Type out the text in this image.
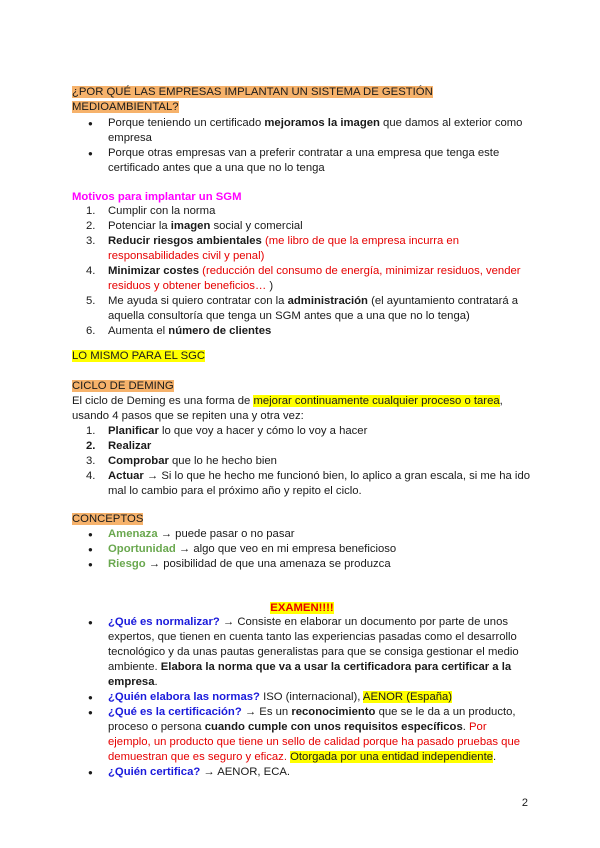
¿POR QUÉ LAS EMPRESAS IMPLANTAN UN SISTEMA DE GESTIÓN
MEDIOAMBIENTAL?
● Porque teniendo un certificado mejoramos la imagen que damos al exterior como empresa
● Porque otras empresas van a preferir contratar a una empresa que tenga este certificado antes que a una que no lo tenga
Motivos para implantar un SGM
1. Cumplir con la norma
2. Potenciar la imagen social y comercial
3. Reducir riesgos ambientales (me libro de que la empresa incurra en responsabilidades civil y penal)
4. Minimizar costes (reducción del consumo de energía, minimizar residuos, vender residuos y obtener beneficios… )
5. Me ayuda si quiero contratar con la administración (el ayuntamiento contratará a aquella consultoría que tenga un SGM antes que a una que no lo tenga)
6. Aumenta el número de clientes
LO MISMO PARA EL SGC
CICLO DE DEMING
El ciclo de Deming es una forma de mejorar continuamente cualquier proceso o tarea, usando 4 pasos que se repiten una y otra vez:
1. Planificar lo que voy a hacer y cómo lo voy a hacer
2. Realizar
3. Comprobar que lo he hecho bien
4. Actuar → Si lo que he hecho me funcionó bien, lo aplico a gran escala, si me ha ido mal lo cambio para el próximo año y repito el ciclo.
CONCEPTOS
● Amenaza → puede pasar o no pasar
● Oportunidad → algo que veo en mi empresa beneficioso
● Riesgo → posibilidad de que una amenaza se produzca
EXAMEN!!!!
● ¿Qué es normalizar? → Consiste en elaborar un documento por parte de unos expertos, que tienen en cuenta tanto las experiencias pasadas como el desarrollo tecnológico y da unas pautas generalistas para que se consiga gestionar el medio ambiente. Elabora la norma que va a usar la certificadora para certificar a la empresa.
● ¿Quién elabora las normas? ISO (internacional), AENOR (España)
● ¿Qué es la certificación? → Es un reconocimiento que se le da a un producto, proceso o persona cuando cumple con unos requisitos específicos. Por ejemplo, un producto que tiene un sello de calidad porque ha pasado pruebas que demuestran que es seguro y eficaz. Otorgada por una entidad independiente.
● ¿Quién certifica? → AENOR, ECA.
2
